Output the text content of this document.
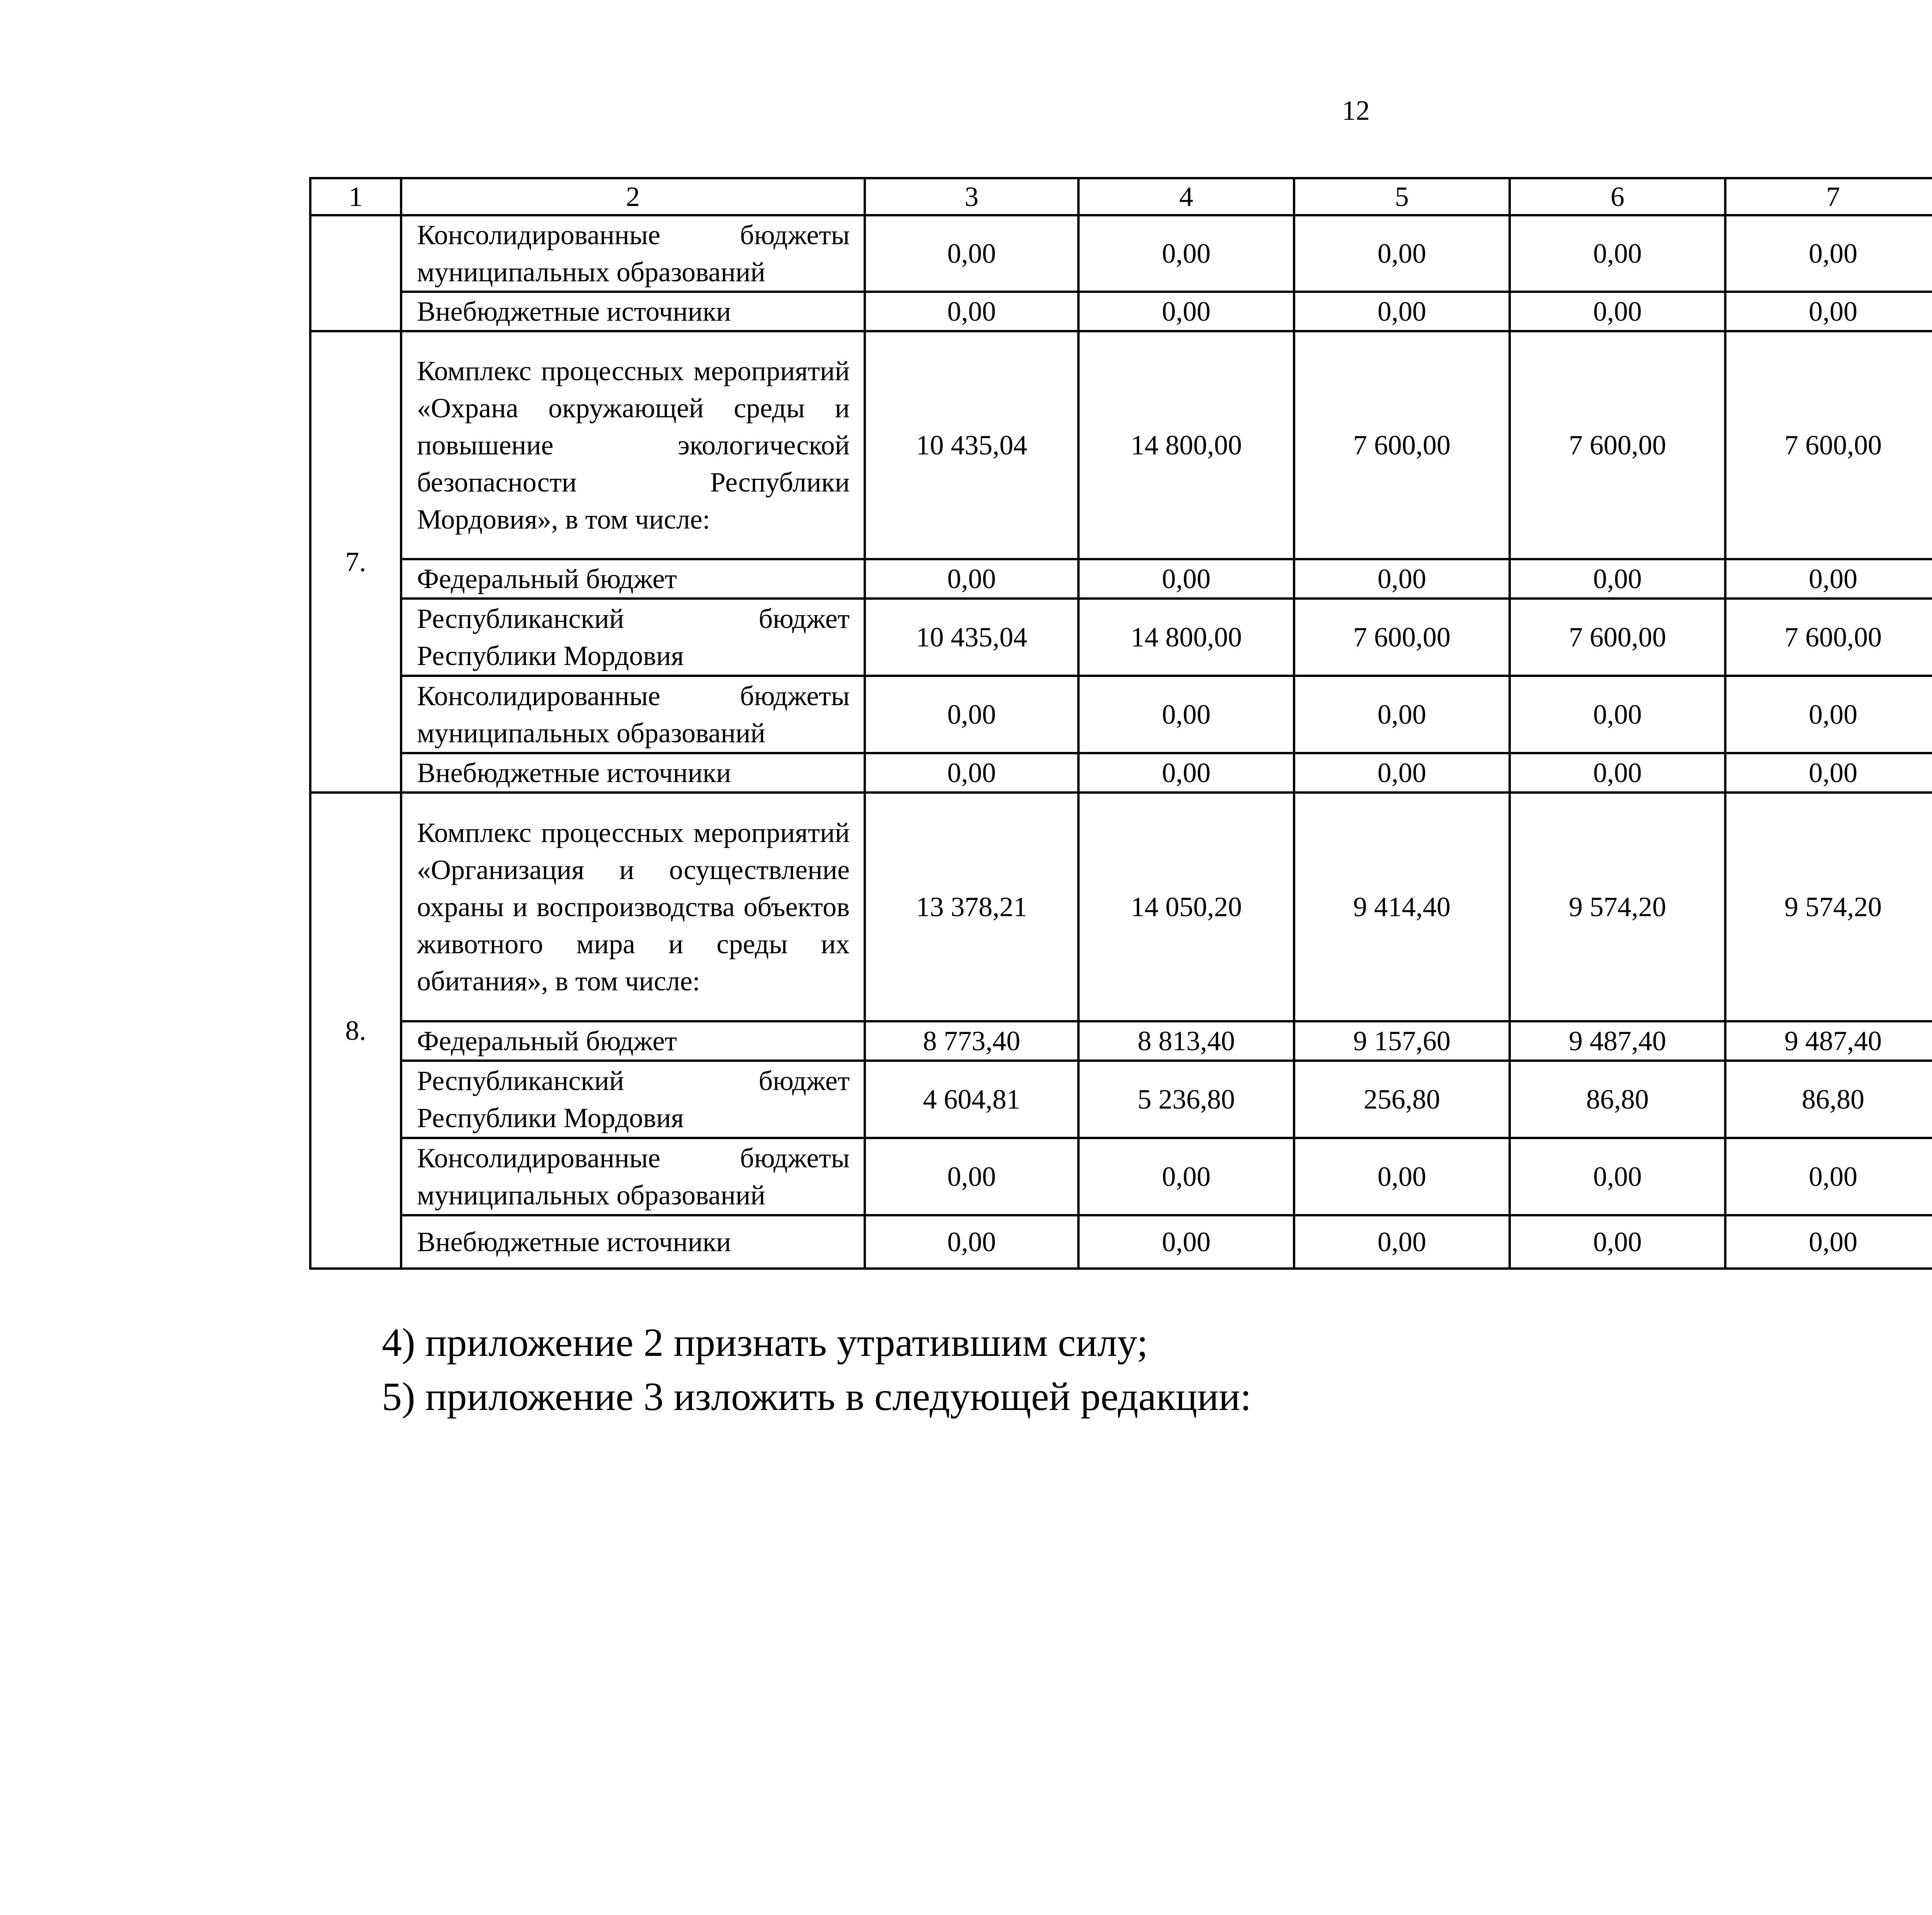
12
1	2	3	4	5	6	7			
	Консолидированные бюджеты муниципальных образований	0,00	0,00	0,00	0,00	0,00			
	Внебюджетные источники	0,00	0,00	0,00	0,00	0,00			
7.	Комплекс процессных мероприятий «Охрана окружающей среды и повышение экологической безопасности Республики Мордовия», в том числе:	10 435,04	14 800,00	7 600,00	7 600,00	7 600,00			
	Федеральный бюджет	0,00	0,00	0,00	0,00	0,00			
	Республиканский бюджет Республики Мордовия	10 435,04	14 800,00	7 600,00	7 600,00	7 600,00			
	Консолидированные бюджеты муниципальных образований	0,00	0,00	0,00	0,00	0,00			
	Внебюджетные источники	0,00	0,00	0,00	0,00	0,00			
8.	Комплекс процессных мероприятий «Организация и осуществление охраны и воспроизводства объектов животного мира и среды их обитания», в том числе:	13 378,21	14 050,20	9 414,40	9 574,20	9 574,20			
	Федеральный бюджет	8 773,40	8 813,40	9 157,60	9 487,40	9 487,40			
	Республиканский бюджет Республики Мордовия	4 604,81	5 236,80	256,80	86,80	86,80			
	Консолидированные бюджеты муниципальных образований	0,00	0,00	0,00	0,00	0,00			
	Внебюджетные источники	0,00	0,00	0,00	0,00	0,00			
4) приложение 2 признать утратившим силу;
5) приложение 3 изложить в следующей редакции:
